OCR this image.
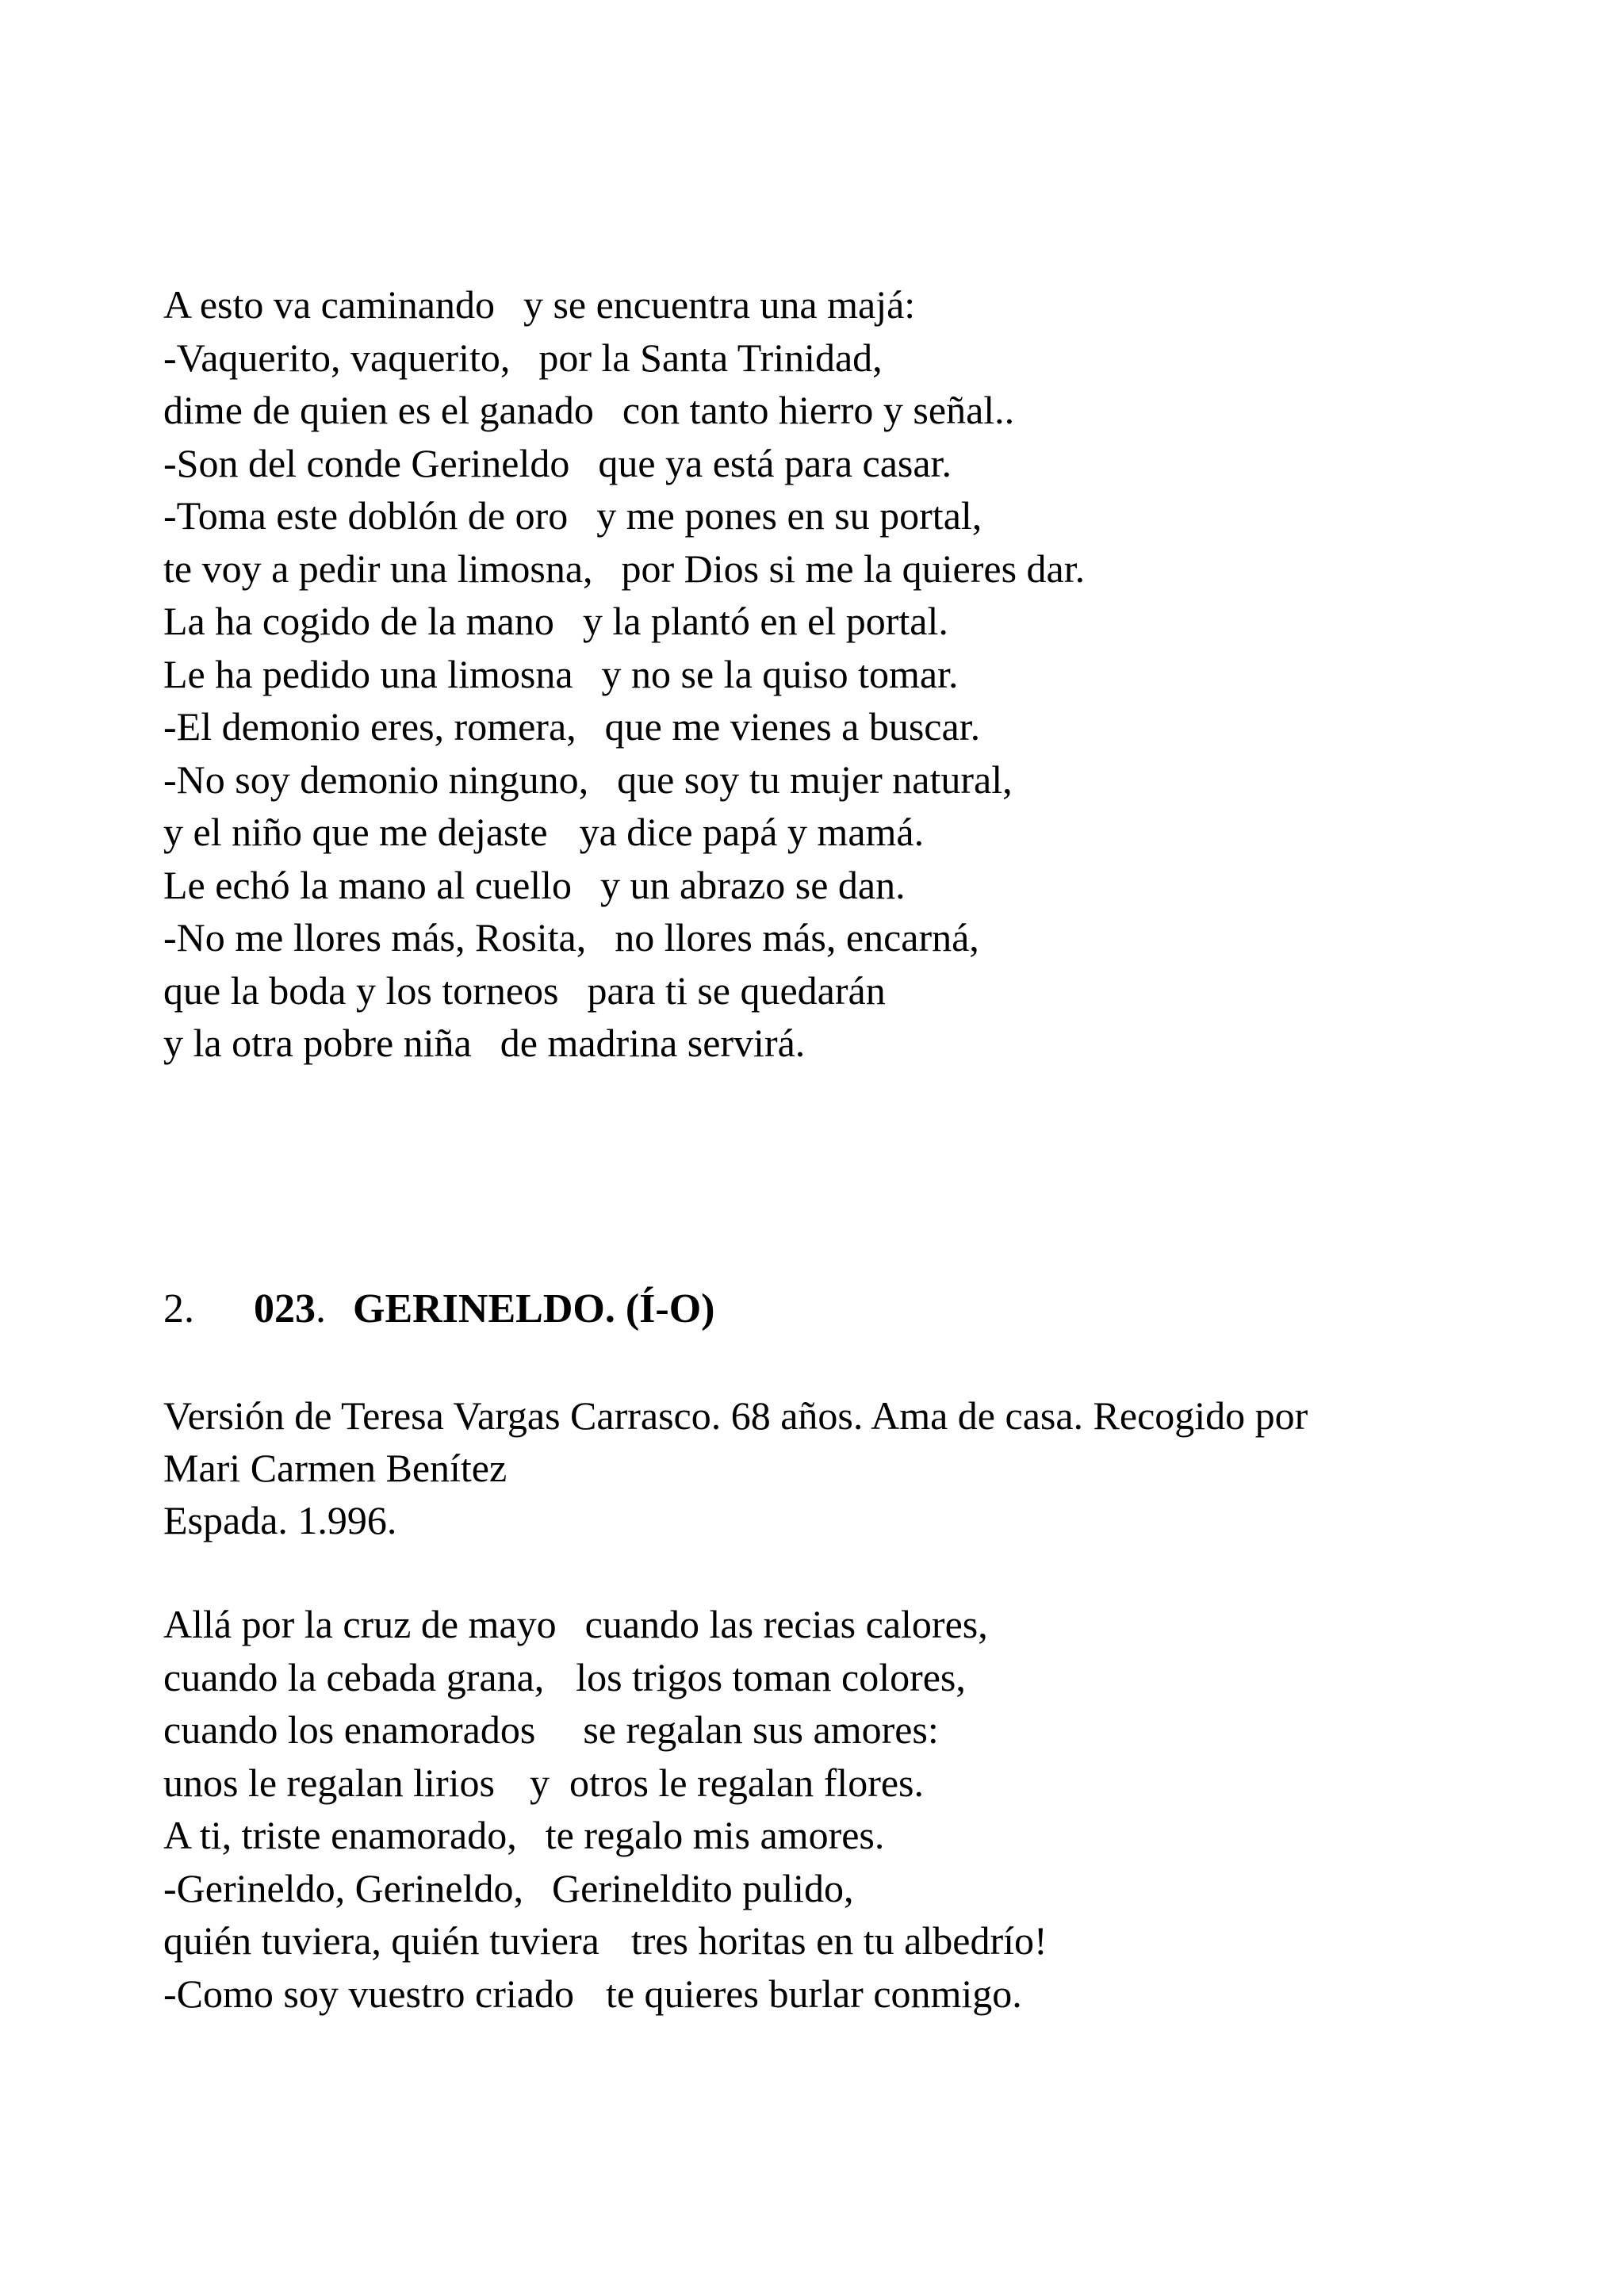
A esto va caminando y se encuentra una majá:
-Vaquerito, vaquerito, por la Santa Trinidad,
dime de quien es el ganado con tanto hierro y señal..
-Son del conde Gerineldo que ya está para casar.
-Toma este doblón de oro y me pones en su portal,
te voy a pedir una limosna, por Dios si me la quieres dar.
La ha cogido de la mano y la plantó en el portal.
Le ha pedido una limosna y no se la quiso tomar.
-El demonio eres, romera, que me vienes a buscar.
-No soy demonio ninguno, que soy tu mujer natural,
y el niño que me dejaste ya dice papá y mamá.
Le echó la mano al cuello y un abrazo se dan.
-No me llores más, Rosita, no llores más, encarná,
que la boda y los torneos para ti se quedarán
y la otra pobre niña de madrina servirá.
2. 023. GERINELDO. (Í-O)

Versión de Teresa Vargas Carrasco. 68 años. Ama de casa. Recogido por
Mari Carmen Benítez
Espada. 1.996.

Allá por la cruz de mayo cuando las recias calores,
cuando la cebada grana, los trigos toman colores,
cuando los enamorados se regalan sus amores:
unos le regalan lirios y  otros le regalan flores.
A ti, triste enamorado, te regalo mis amores.
-Gerineldo, Gerineldo, Gerineldito pulido,
quién tuviera, quién tuviera tres horitas en tu albedrío!
-Como soy vuestro criado te quieres burlar conmigo.
